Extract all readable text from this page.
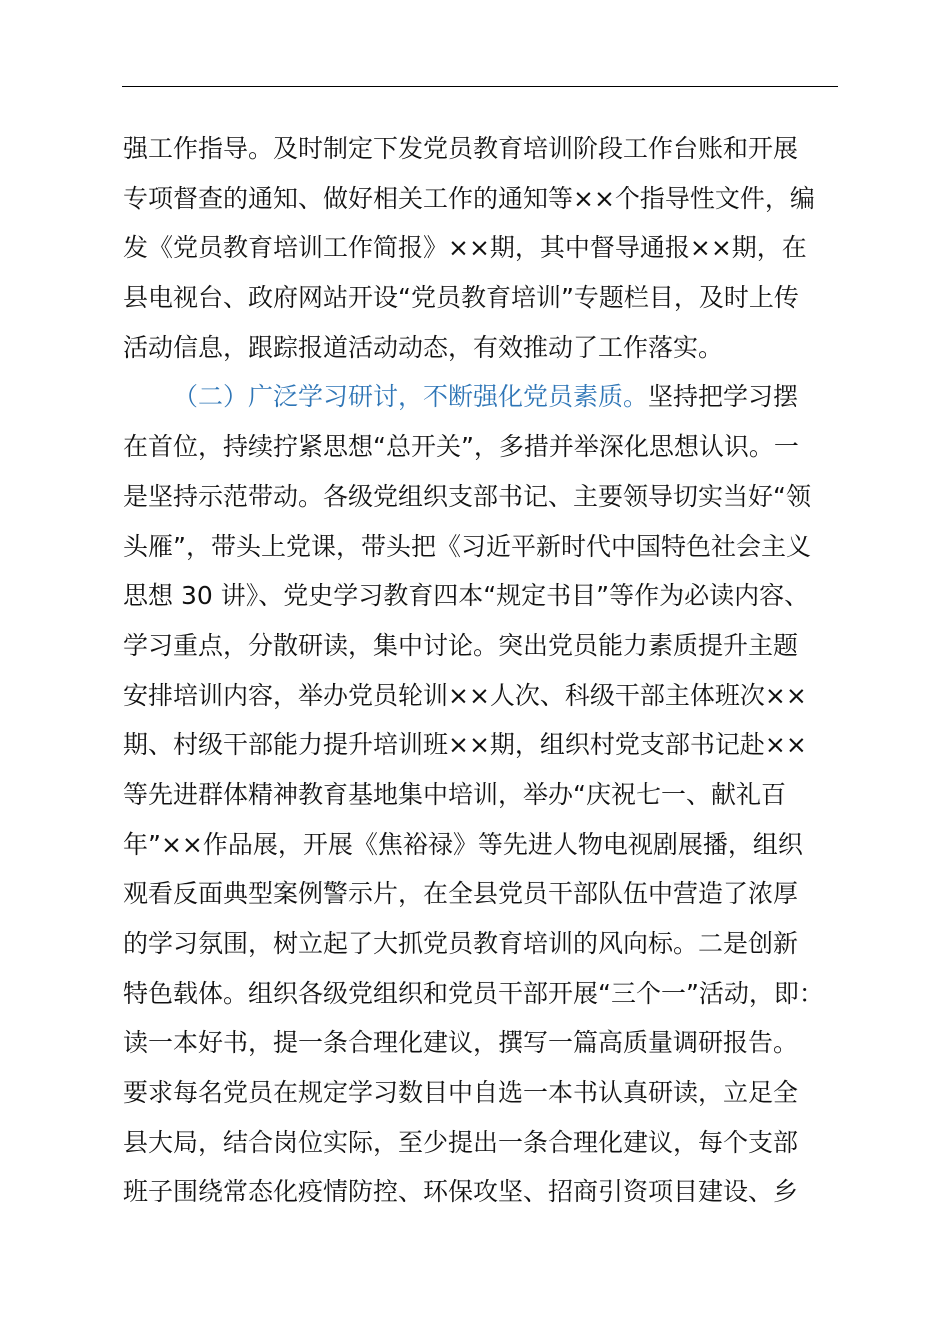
强工作指导。及时制定下发党员教育培训阶段工作台账和开展
专项督查的通知、做好相关工作的通知等××个指导性文件，编
发《党员教育培训工作简报》××期，其中督导通报××期，在
县电视台、政府网站开设“党员教育培训”专题栏目，及时上传
活动信息，跟踪报道活动动态，有效推动了工作落实。
（二）广泛学习研讨，不断强化党员素质。坚持把学习摆
在首位，持续拧紧思想“总开关”，多措并举深化思想认识。一
是坚持示范带动。各级党组织支部书记、主要领导切实当好“领
头雁”，带头上党课，带头把《习近平新时代中国特色社会主义
思想 30 讲》、党史学习教育四本“规定书目”等作为必读内容、
学习重点，分散研读，集中讨论。突出党员能力素质提升主题
安排培训内容，举办党员轮训××人次、科级干部主体班次××
期、村级干部能力提升培训班××期，组织村党支部书记赴××
等先进群体精神教育基地集中培训，举办“庆祝七一、献礼百
年”××作品展，开展《焦裕禄》等先进人物电视剧展播，组织
观看反面典型案例警示片，在全县党员干部队伍中营造了浓厚
的学习氛围，树立起了大抓党员教育培训的风向标。二是创新
特色载体。组织各级党组织和党员干部开展“三个一”活动，即：
读一本好书，提一条合理化建议，撰写一篇高质量调研报告。
要求每名党员在规定学习数目中自选一本书认真研读，立足全
县大局，结合岗位实际，至少提出一条合理化建议，每个支部
班子围绕常态化疫情防控、环保攻坚、招商引资项目建设、乡
